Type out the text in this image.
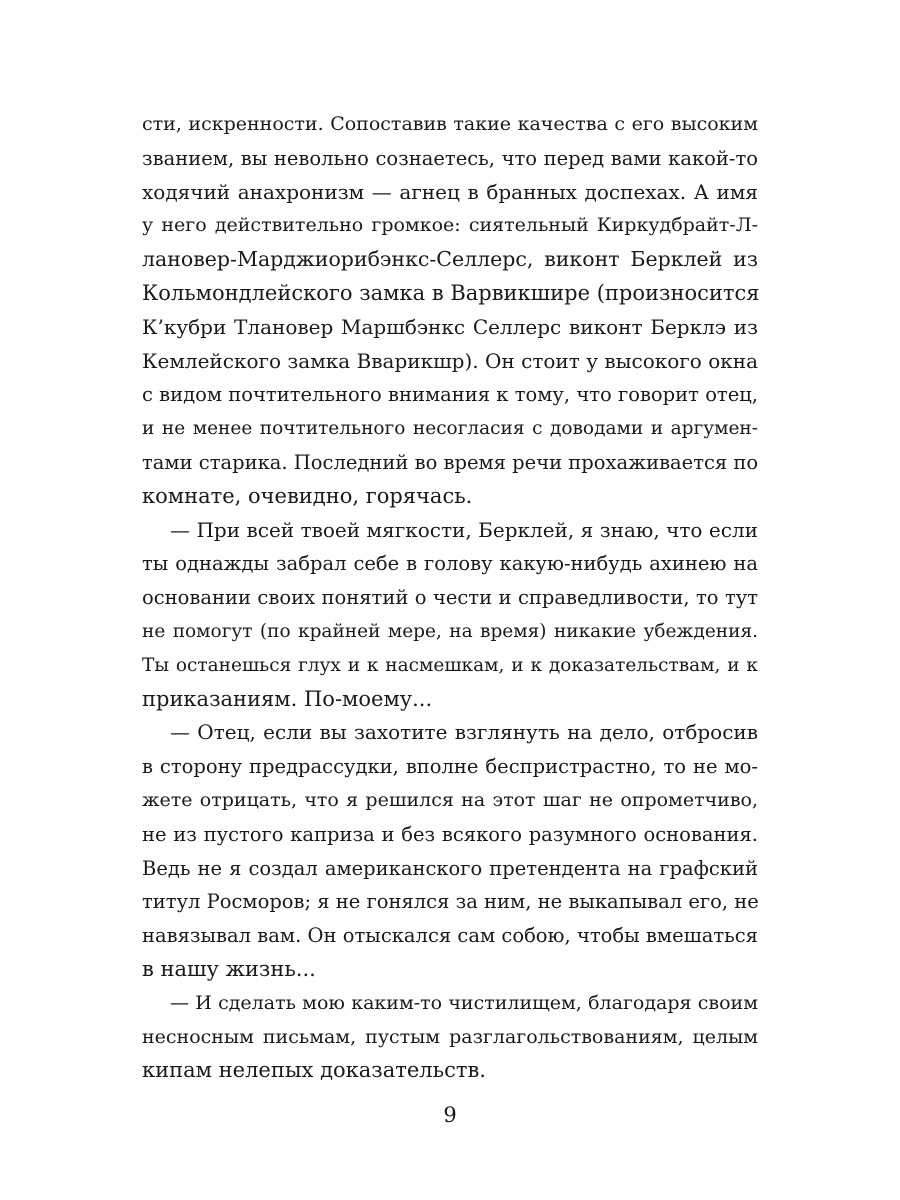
сти, искренности. Сопоставив такие качества с его высоким
званием, вы невольно сознаетесь, что перед вами какой-то
ходячий анахронизм — агнец в бранных доспехах. А имя
у него действительно громкое: сиятельный Киркудбрайт-Л-
лановер-Марджиорибэнкс-Селлерс, виконт Берклей из
Кольмондлейского замка в Варвикшире (произносится
К’кубри Тлановер Маршбэнкс Селлерс виконт Берклэ из
Кемлейского замка Вварикшр). Он стоит у высокого окна
с видом почтительного внимания к тому, что говорит отец,
и не менее почтительного несогласия с доводами и аргумен-
тами старика. Последний во время речи прохаживается по
комнате, очевидно, горячась.
— При всей твоей мягкости, Берклей, я знаю, что если
ты однажды забрал себе в голову какую-нибудь ахинею на
основании своих понятий о чести и справедливости, то тут
не помогут (по крайней мере, на время) никакие убеждения.
Ты останешься глух и к насмешкам, и к доказательствам, и к
приказаниям. По-моему...
— Отец, если вы захотите взглянуть на дело, отбросив
в сторону предрассудки, вполне беспристрастно, то не мо-
жете отрицать, что я решился на этот шаг не опрометчиво,
не из пустого каприза и без всякого разумного основания.
Ведь не я создал американского претендента на графский
титул Росморов; я не гонялся за ним, не выкапывал его, не
навязывал вам. Он отыскался сам собою, чтобы вмешаться
в нашу жизнь...
— И сделать мою каким-то чистилищем, благодаря своим
несносным письмам, пустым разглагольствованиям, целым
кипам нелепых доказательств.
9
